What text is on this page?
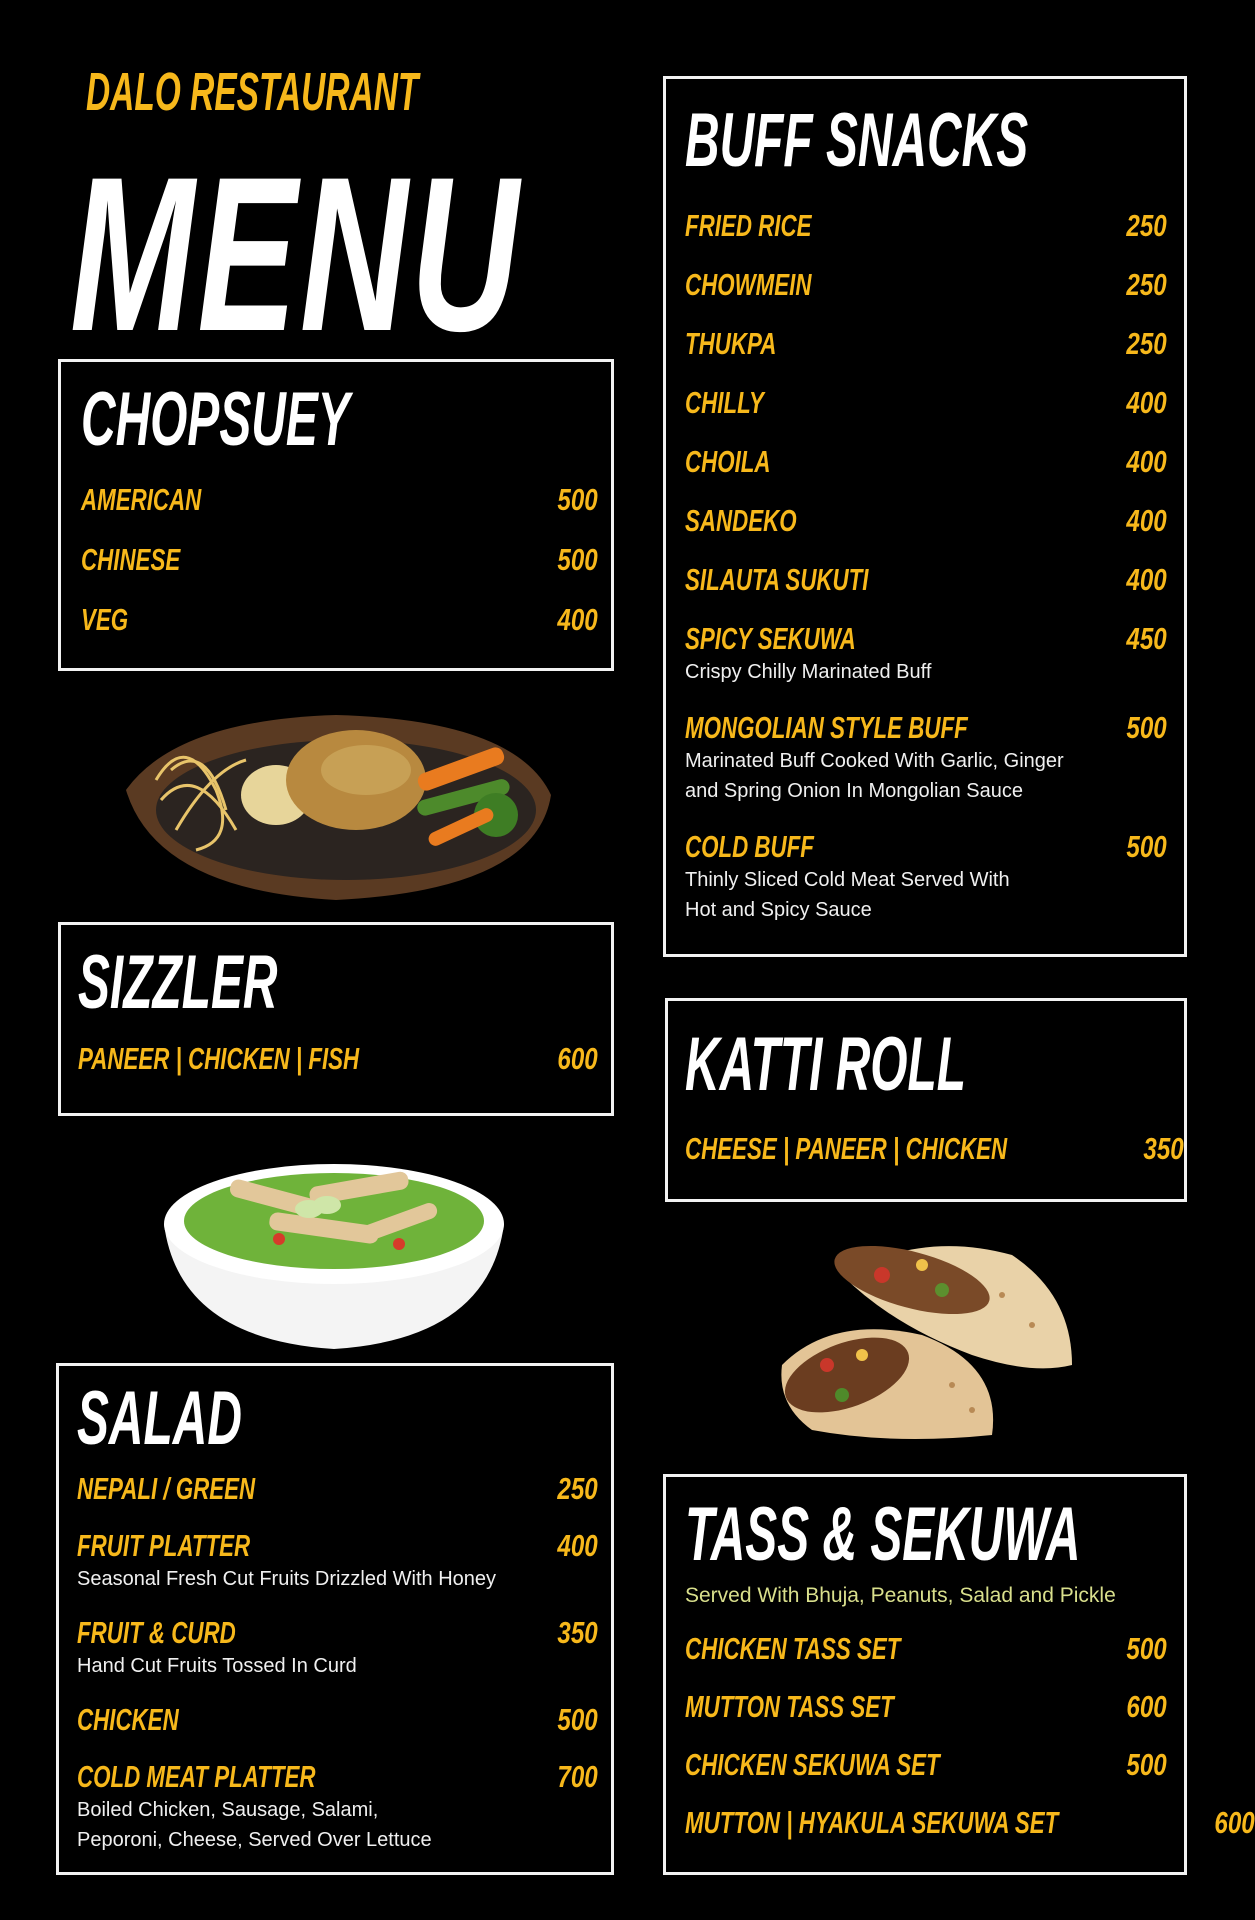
DALO RESTAURANT
MENU
CHOPSUEY
AMERICAN	500
CHINESE	500
VEG	400
SIZZLER
PANEER | CHICKEN | FISH	600
SALAD
NEPALI / GREEN	250
FRUIT PLATTER	400
Seasonal Fresh Cut Fruits Drizzled With Honey
FRUIT & CURD	350
Hand Cut Fruits Tossed In Curd
CHICKEN	500
COLD MEAT PLATTER	700
Boiled Chicken, Sausage, Salami,
Peporoni, Cheese, Served Over Lettuce
BUFF SNACKS
FRIED RICE	250
CHOWMEIN	250
THUKPA	250
CHILLY	400
CHOILA	400
SANDEKO	400
SILAUTA SUKUTI	400
SPICY SEKUWA	450
Crispy Chilly Marinated Buff
MONGOLIAN STYLE BUFF	500
Marinated Buff Cooked With Garlic, Ginger
and Spring Onion In Mongolian Sauce
COLD BUFF	500
Thinly Sliced Cold Meat Served With
Hot and Spicy Sauce
KATTI ROLL
CHEESE | PANEER | CHICKEN	350
TASS & SEKUWA
Served With Bhuja, Peanuts, Salad and Pickle
CHICKEN TASS SET	500
MUTTON TASS SET	600
CHICKEN SEKUWA SET	500
MUTTON | HYAKULA SEKUWA SET	600
